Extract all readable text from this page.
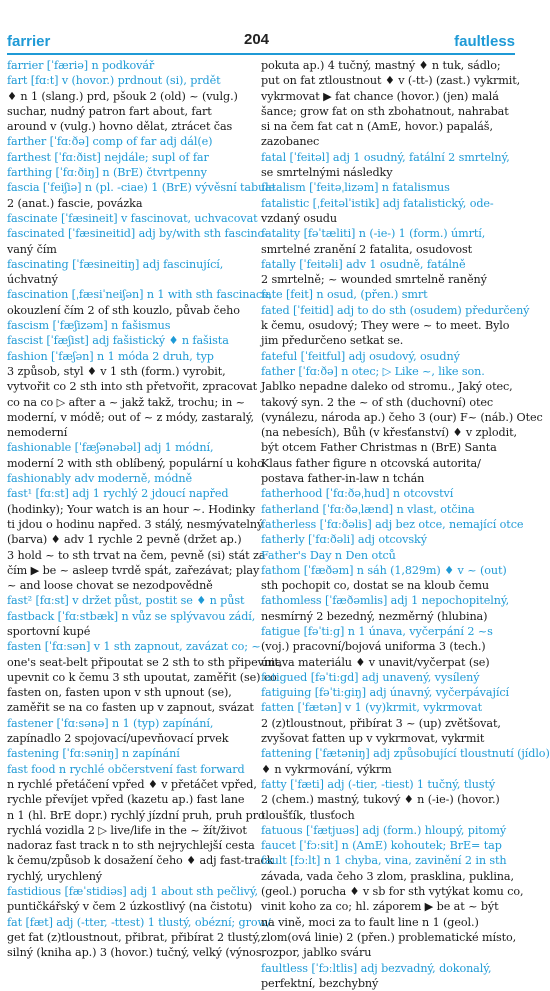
farrier	204	faultless
farrier [ˈfæriə] n podkovář
fart [fɑːt] v (hovor.) prdnout (si), prdět
♦ n 1 (slang.) prd, pšouk 2 (old) ~ (vulg.)
suchar, nudný patron fart about, fart
around v (vulg.) hovno dělat, ztrácet čas
farther [ˈfɑːðə] comp of far adj dál(e)
farthest [ˈfɑːðist] nejdále; supl of far
farthing [ˈfɑːðiŋ] n (BrE) čtvrtpenny
fascia [ˈfeiʃiə] n (pl. -ciae) 1 (BrE) vývěsní tabule
2 (anat.) fascie, povázka
fascinate [ˈfæsineit] v fascinovat, uchvacovat
fascinated [ˈfæsineitid] adj by/with sth fascino-
vaný čím
fascinating [ˈfæsineitiŋ] adj fascinující,
úchvatný
fascination [ˌfæsiˈneiʃən] n 1 with sth fascinace,
okouzlení čím 2 of sth kouzlo, půvab čeho
fascism [ˈfæʃizəm] n fašismus
fascist [ˈfæʃist] adj fašistický ♦ n fašista
fashion [ˈfæʃən] n 1 móda 2 druh, typ
3 způsob, styl ♦ v 1 sth (form.) vyrobit,
vytvořit co 2 sth into sth přetvořit, zpracovat
co na co ▷ after a ~ jakž takž, trochu; in ~
moderní, v módě; out of ~ z módy, zastaralý,
nemoderní
fashionable [ˈfæʃənəbəl] adj 1 módní,
moderní 2 with sth oblíbený, populární u koho
fashionably adv moderně, módně
fast¹ [fɑːst] adj 1 rychlý 2 jdoucí napřed
(hodinky); Your watch is an hour ~. Hodinky
ti jdou o hodinu napřed. 3 stálý, nesmývatelný
(barva) ♦ adv 1 rychle 2 pevně (držet ap.)
3 hold ~ to sth trvat na čem, pevně (si) stát za
čím ▶ be ~ asleep tvrdě spát, zařezávat; play
~ and loose chovat se nezodpovědně
fast² [fɑːst] v držet půst, postit se ♦ n půst
fastback [ˈfɑːstbæk] n vůz se splývavou zádí,
sportovní kupé
fasten [ˈfɑːsən] v 1 sth zapnout, zavázat co; ~
one's seat-belt připoutat se 2 sth to sth připevnit,
upevnit co k čemu 3 sth upoutat, zaměřit (se) co
fasten on, fasten upon v sth upnout (se),
zaměřit se na co fasten up v zapnout, svázat
fastener [ˈfɑːsənə] n 1 (typ) zapínání,
zapínadlo 2 spojovací/upevňovací prvek
fastening [ˈfɑːsəniŋ] n zapínání
fast food n rychlé občerstvení fast forward
n rychlé přetáčení vpřed ♦ v přetáčet vpřed,
rychle převíjet vpřed (kazetu ap.) fast lane
n 1 (hl. BrE dopr.) rychlý jízdní pruh, pruh pro
rychlá vozidla 2 ▷ live/life in the ~ žít/život
nadoraz fast track n to sth nejrychlejší cesta
k čemu/způsob k dosažení čeho ♦ adj fast-track
rychlý, urychlený
fastidious [fæˈstidiəs] adj 1 about sth pečlivý,
puntičkářský v čem 2 úzkostlivý (na čistotu)
fat [fæt] adj (-tter, -ttest) 1 tlustý, obézní; grow/
get fat (z)tloustnout, přibrat, přibírat 2 tlustý,
silný (kniha ap.) 3 (hovor.) tučný, velký (výnos,
pokuta ap.) 4 tučný, mastný ♦ n tuk, sádlo;
put on fat ztloustnout ♦ v (-tt-) (zast.) vykrmit,
vykrmovat ▶ fat chance (hovor.) (jen) malá
šance; grow fat on sth zbohatnout, nahrabat
si na čem fat cat n (AmE, hovor.) papaláš,
zazobanec
fatal [ˈfeitəl] adj 1 osudný, fatální 2 smrtelný,
se smrtelnými následky
fatalism [ˈfeitəˌlizəm] n fatalismus
fatalistic [ˌfeitəlˈistik] adj fatalistický, ode-
vzdaný osudu
fatality [fəˈtæliti] n (-ie-) 1 (form.) úmrtí,
smrtelné zranění 2 fatalita, osudovost
fatally [ˈfeitəli] adv 1 osudně, fatálně
2 smrtelně; ~ wounded smrtelně raněný
fate [feit] n osud, (přen.) smrt
fated [ˈfeitid] adj to do sth (osudem) předurčený
k čemu, osudový; They were ~ to meet. Bylo
jim předurčeno setkat se.
fateful [ˈfeitful] adj osudový, osudný
father [ˈfɑːðə] n otec; ▷ Like ~, like son.
Jablko nepadne daleko od stromu., Jaký otec,
takový syn. 2 the ~ of sth (duchovní) otec
(vynálezu, národa ap.) čeho 3 (our) F~ (náb.) Otec
(na nebesích), Bůh (v křesťanství) ♦ v zplodit,
být otcem Father Christmas n (BrE) Santa
Klaus father figure n otcovská autorita/
postava father-in-law n tchán
fatherhood [ˈfɑːðəˌhud] n otcovství
fatherland [ˈfɑːðəˌlænd] n vlast, otčina
fatherless [ˈfɑːðəlis] adj bez otce, nemající otce
fatherly [ˈfɑːðəli] adj otcovský
Father's Day n Den otců
fathom [ˈfæðəm] n sáh (1,829m) ♦ v ~ (out)
sth pochopit co, dostat se na kloub čemu
fathomless [ˈfæðəmlis] adj 1 nepochopitelný,
nesmírný 2 bezedný, nezměrný (hlubina)
fatigue [fəˈtiːg] n 1 únava, vyčerpání 2 ~s
(voj.) pracovní/bojová uniforma 3 (tech.)
únava materiálu ♦ v unavit/vyčerpat (se)
fatigued [fəˈtiːgd] adj unavený, vysílený
fatiguing [fəˈtiːgiŋ] adj únavný, vyčerpávající
fatten [ˈfætən] v 1 (vy)krmit, vykrmovat
2 (z)tloustnout, přibírat 3 ~ (up) zvětšovat,
zvyšovat fatten up v vykrmovat, vykrmit
fattening [ˈfætəniŋ] adj způsobující tloustnutí (jídlo)
♦ n vykrmování, výkrm
fatty [ˈfæti] adj (-tier, -tiest) 1 tučný, tlustý
2 (chem.) mastný, tukový ♦ n (-ie-) (hovor.)
tloušťík, tlusťoch
fatuous [ˈfætjuəs] adj (form.) hloupý, pitomý
faucet [ˈfɔːsit] n (AmE) kohoutek; BrE= tap
fault [fɔːlt] n 1 chyba, vina, zavinění 2 in sth
závada, vada čeho 3 zlom, prasklina, puklina,
(geol.) porucha ♦ v sb for sth vytýkat komu co,
vinit koho za co; hl. záporem ▶ be at ~ být
na vině, moci za to fault line n 1 (geol.)
zlom(ová linie) 2 (přen.) problematické místo,
rozpor, jablko sváru
faultless [ˈfɔːltlis] adj bezvadný, dokonalý,
perfektní, bezchybný
